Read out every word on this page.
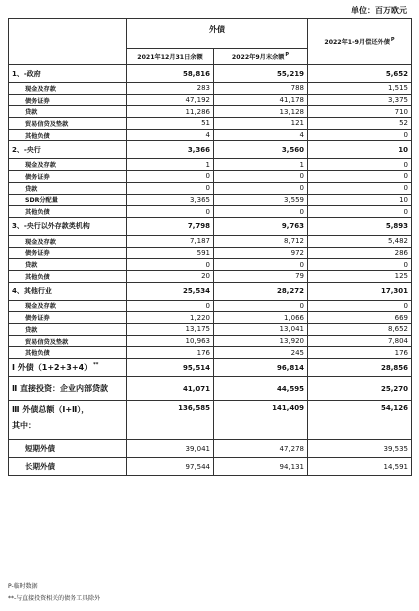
单位：百万欧元
	外债		2022年1-9月偿还外债$^P$
	2021年12月31日余额	2022年9月末余额$^P$
1、-政府	58,816	55,219	5,652
现金及存款	283	788	1,515
债务证券	47,192	41,178	3,375
贷款	11,286	13,128	710
贸易信贷及垫款	51	121	52
其他负债	4	4	0
2、-央行	3,366	3,560	10
现金及存款	1	1	0
债务证券	0	0	0
贷款	0	0	0
SDR分配量	3,365	3,559	10
其他负债	0	0	0
3、-央行以外存款类机构	7,798	9,763	5,893
现金及存款	7,187	8,712	5,482
债务证券	591	972	286
贷款	0	0	0
其他负债	20	79	125
4、其他行业	25,534	28,272	17,301
现金及存款	0	0	0
债务证券	1,220	1,066	669
贷款	13,175	13,041	8,652
贸易信贷及垫款	10,963	13,920	7,804
其他负债	176	245	176
Ⅰ 外债（1+2+3+4）**	95,514	96,814	28,856
Ⅱ 直接投资：企业内部贷款	41,071	44,595	25,270

Ⅲ 外债总额（Ⅰ+Ⅱ），
其中：	136,585	141,409	54,126
短期外债	39,041	47,278	39,535
长期外债	97,544	94,131	14,591
P-临时数据
**-与直接投资相关的债务工具除外
